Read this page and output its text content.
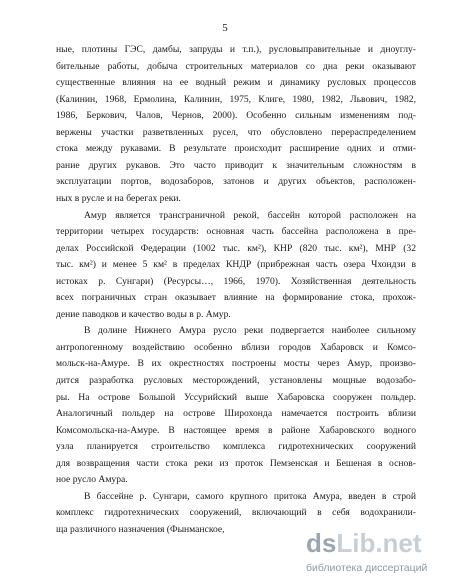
5
ные, плотины ГЭС, дамбы, запруды и т.п.), русловыправительные и дноуглу-
бительные работы, добыча строительных материалов со дна реки оказывают
существенные влияния на ее водный режим и динамику русловых процессов
(Калинин, 1968, Ермолина, Калинин, 1975, Клиге, 1980, 1982, Львович, 1982,
1986, Беркович, Чалов, Чернов, 2000). Особенно сильным изменениям под-
вержены участки разветвленных русел, что обусловлено перераспределением
стока между рукавами. В результате происходит расширение одних и отми-
рание других рукавов. Это часто приводит к значительным сложностям в
эксплуатации портов, водозаборов, затонов и других объектов, расположен-
ных в русле и на берегах реки.
Амур является трансграничной рекой, бассейн которой расположен на
территории четырех государств: основная часть бассейна расположена в пре-
делах Российской Федерации (1002 тыс. км²), КНР (820 тыс. км²), МНР (32
тыс. км²) и менее 5 км² в пределах КНДР (прибрежная часть озера Чхондзи в
истоках р. Сунгари) (Ресурсы…, 1966, 1970). Хозяйственная деятельность
всех пограничных стран оказывает влияние на формирование стока, прохож-
дение паводков и качество воды в р. Амур.
В долине Нижнего Амура русло реки подвергается наиболее сильному
антропогенному воздействию особенно вблизи городов Хабаровск и Комсо-
мольск-на-Амуре. В их окрестностях построены мосты через Амур, произво-
дится разработка русловых месторождений, установлены мощные водозабо-
ры. На острове Большой Уссурийский выше Хабаровска сооружен польдер.
Аналогичный польдер на острове Широхонда намечается построить вблизи
Комсомольска-на-Амуре. В настоящее время в районе Хабаровского водного
узла планируется строительство комплекса гидротехнических сооружений
для возвращения части стока реки из проток Пемзенская и Бешеная в основ-
ное русло Амура.
В бассейне р. Сунгари, самого крупного притока Амура, введен в строй
комплекс гидротехнических сооружений, включающий в себя водохранили-
ща различного назначения (Фынманское,	dsLib.net
библиотека диссертаций
